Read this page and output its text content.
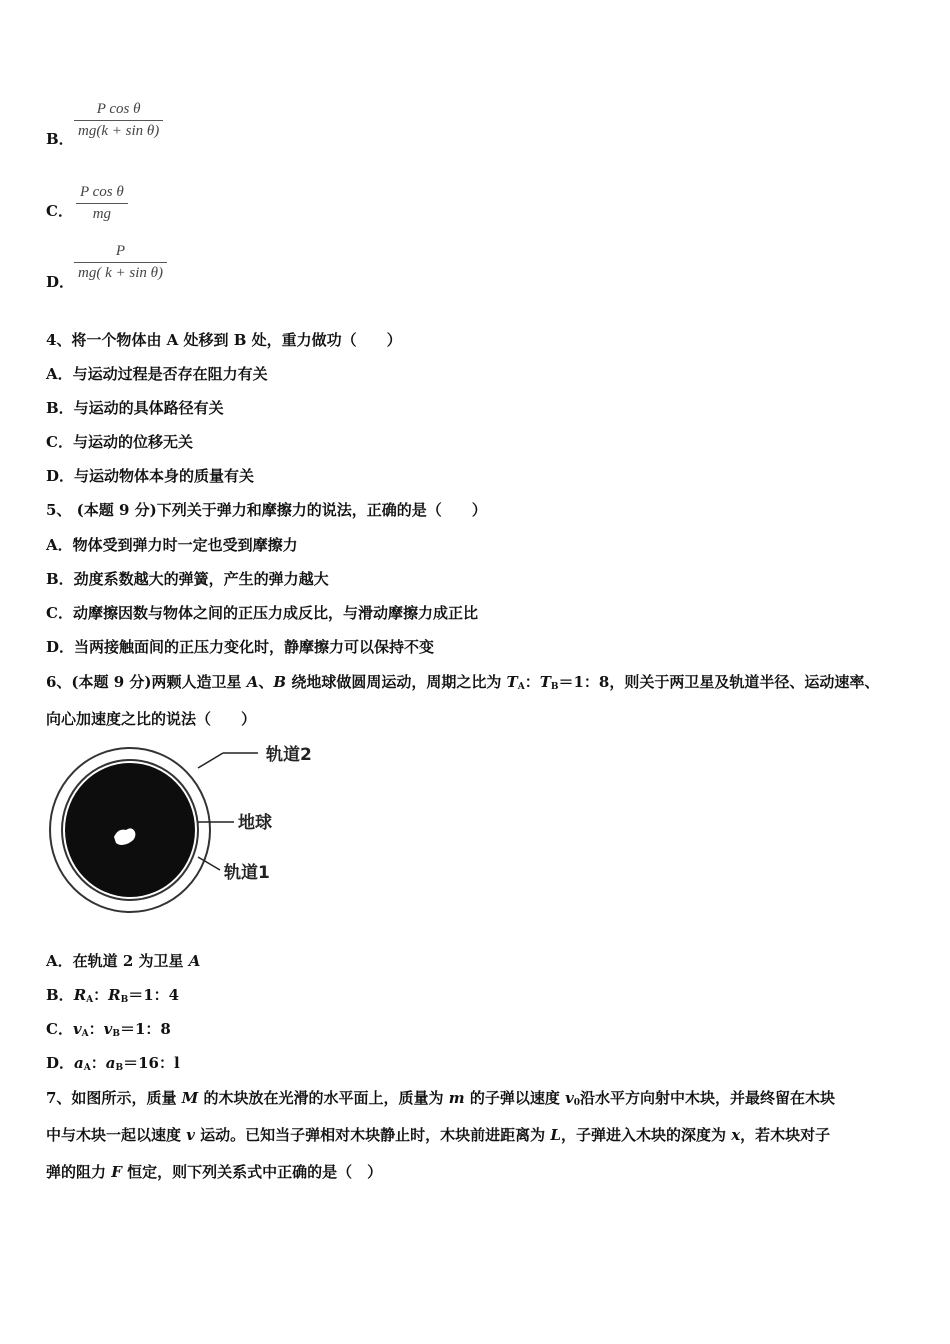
B．
P cos θ
mg(k + sin θ)
C．
P cos θ
mg
D．
P
mg( k + sin θ)
4、将一个物体由 A 处移到 B 处，重力做功（　　）
A．与运动过程是否存在阻力有关
B．与运动的具体路径有关
C．与运动的位移无关
D．与运动物体本身的质量有关
5、 (本题 9 分)下列关于弹力和摩擦力的说法，正确的是（　　）
A．物体受到弹力时一定也受到摩擦力
B．劲度系数越大的弹簧，产生的弹力越大
C．动摩擦因数与物体之间的正压力成反比，与滑动摩擦力成正比
D．当两接触面间的正压力变化时，静摩擦力可以保持不变
6、(本题 9 分)两颗人造卫星 A、B 绕地球做圆周运动，周期之比为 $T_A$：$T_B=1$：8，则关于两卫星及轨道半径、运动速率、
向心加速度之比的说法（　　）
轨道2
地球
轨道1
A．在轨道 2 为卫星 A
B．$R_A$：$R_B=1$：4
C．$v_A$：$v_B=1$：8
D．$a_A$：$a_B=16$：l
7、如图所示，质量 M 的木块放在光滑的水平面上，质量为 m 的子弹以速度 $v_0$沿水平方向射中木块，并最终留在木块
中与木块一起以速度 v 运动。已知当子弹相对木块静止时，木块前进距离为 L，子弹进入木块的深度为 x，若木块对子
弹的阻力 F 恒定，则下列关系式中正确的是（　）
